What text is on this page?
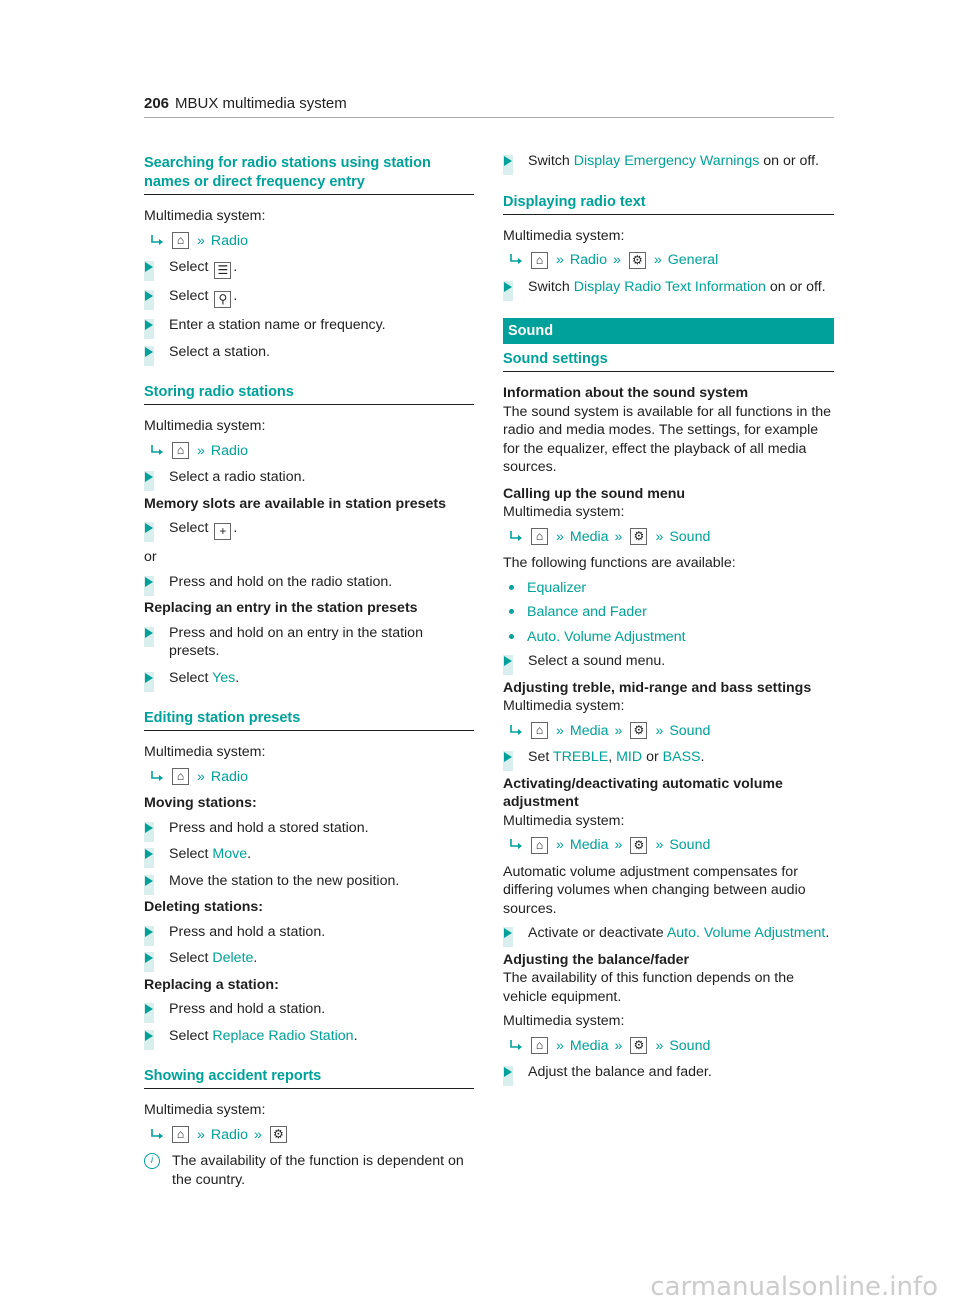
206 MBUX multimedia system
Searching for radio stations using station names or direct frequency entry

Multimedia system:

⌂ » Radio
Select ☰ .
Select ⚲ .
Enter a station name or frequency.
Select a station.
Storing radio stations

Multimedia system:

⌂ » Radio
Select a radio station.
Memory slots are available in station presets
Select + .

or

Press and hold on the radio station.
Replacing an entry in the station presets
Press and hold on an entry in the station presets.
Select Yes.
Editing station presets

Multimedia system:

⌂ » Radio
Moving stations:
Press and hold a stored station.
Select Move.
Move the station to the new position.
Deleting stations:
Press and hold a station.
Select Delete.
Replacing a station:
Press and hold a station.
Select Replace Radio Station.
Showing accident reports

Multimedia system:

⌂ » Radio » ⚙
i	The availability of the function is dependent on the country.
Switch Display Emergency Warnings on or off.
Displaying radio text

Multimedia system:

⌂ » Radio » ⚙ » General
Switch Display Radio Text Information on or off.
Sound
Sound settings
Information about the sound system

The sound system is available for all functions in the radio and media modes. The settings, for example for the equalizer, effect the playback of all media sources.

Calling up the sound menu

Multimedia system:

⌂ » Media » ⚙ » Sound

The following functions are available:

Equalizer
Balance and Fader
Auto. Volume Adjustment
Select a sound menu.
Adjusting treble, mid-range and bass settings

Multimedia system:

⌂ » Media » ⚙ » Sound
Set TREBLE, MID or BASS.
Activating/deactivating automatic volume adjustment

Multimedia system:

⌂ » Media » ⚙ » Sound

Automatic volume adjustment compensates for differing volumes when changing between audio sources.

Activate or deactivate Auto. Volume Adjustment.
Adjusting the balance/fader

The availability of this function depends on the vehicle equipment.

Multimedia system:

⌂ » Media » ⚙ » Sound
Adjust the balance and fader.
carmanualsonline.info
